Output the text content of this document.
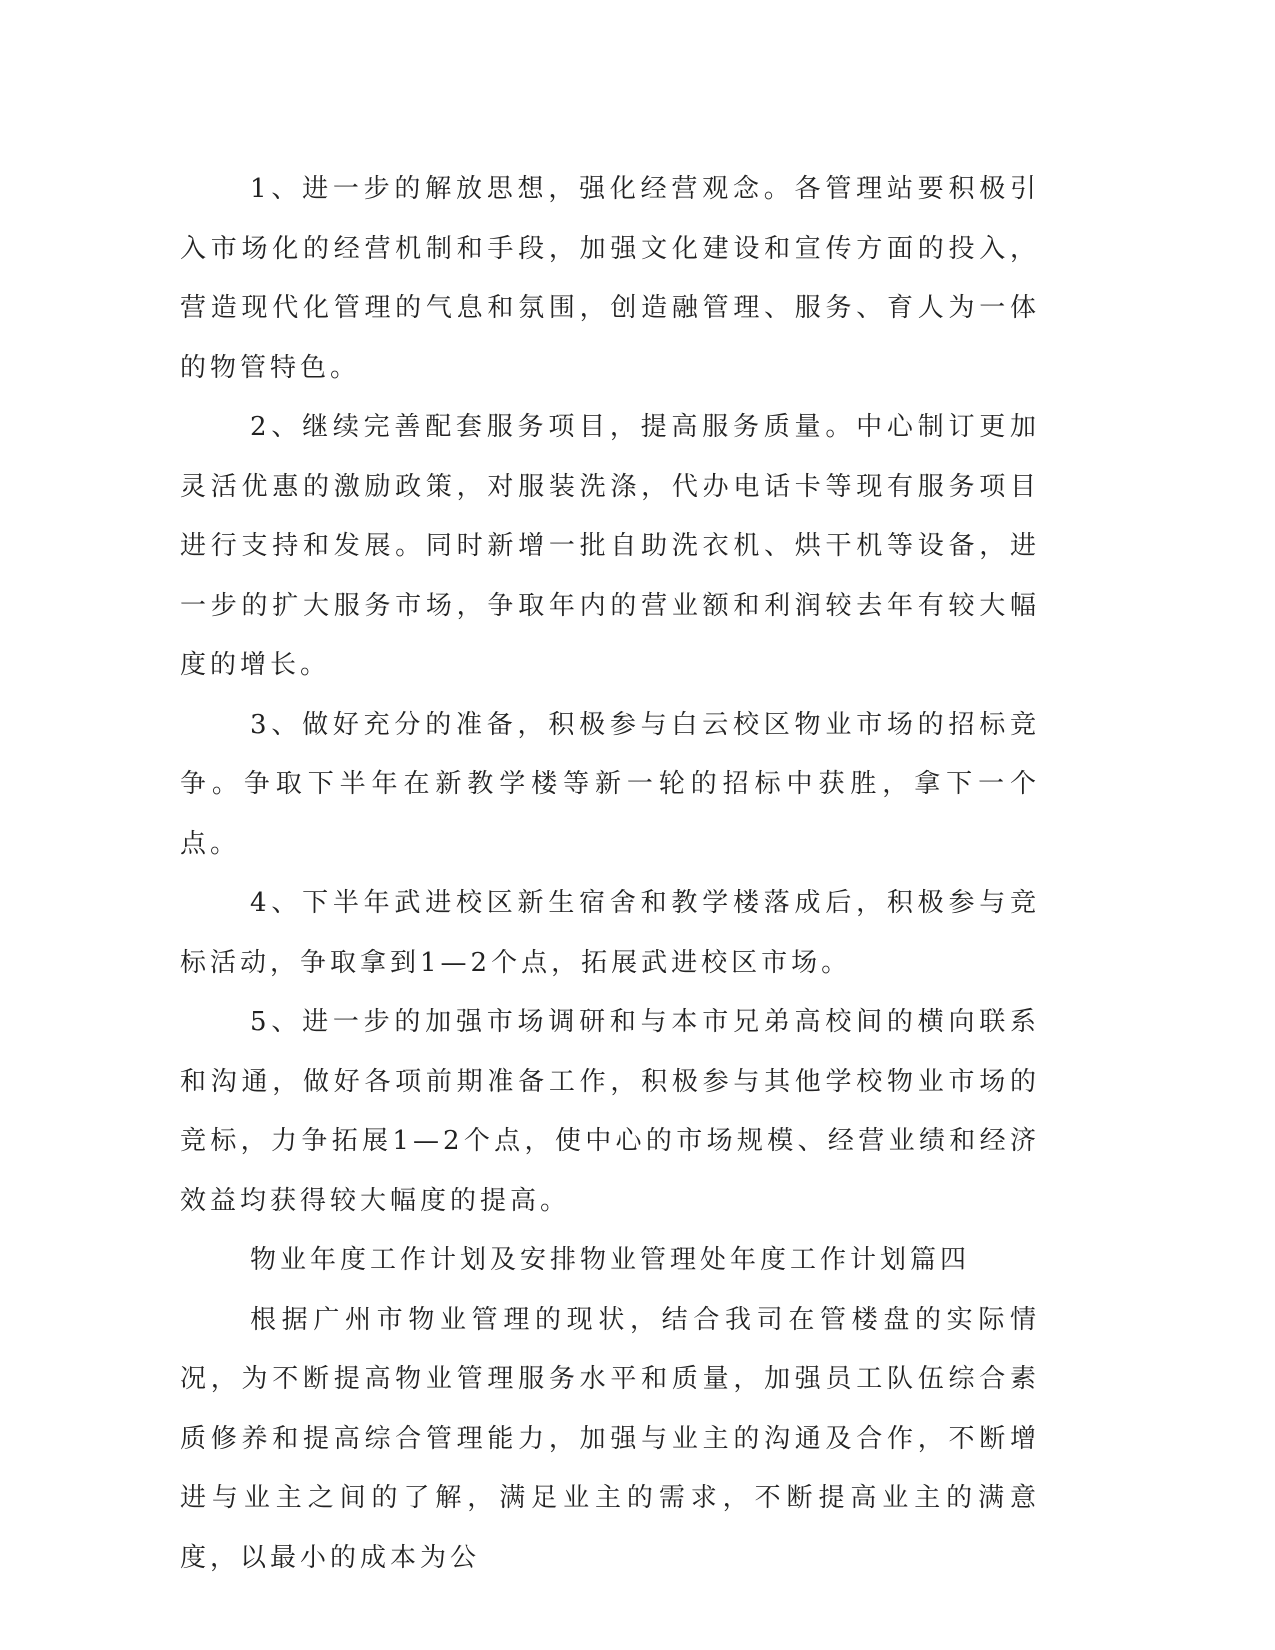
1、进一步的解放思想，强化经营观念。各管理站要积极引入市场化的经营机制和手段，加强文化建设和宣传方面的投入，营造现代化管理的气息和氛围，创造融管理、服务、育人为一体的物管特色。

2、继续完善配套服务项目，提高服务质量。中心制订更加灵活优惠的激励政策，对服装洗涤，代办电话卡等现有服务项目进行支持和发展。同时新增一批自助洗衣机、烘干机等设备，进一步的扩大服务市场，争取年内的营业额和利润较去年有较大幅度的增长。

3、做好充分的准备，积极参与白云校区物业市场的招标竞争。争取下半年在新教学楼等新一轮的招标中获胜，拿下一个点。

4、下半年武进校区新生宿舍和教学楼落成后，积极参与竞标活动，争取拿到1—2个点，拓展武进校区市场。

5、进一步的加强市场调研和与本市兄弟高校间的横向联系和沟通，做好各项前期准备工作，积极参与其他学校物业市场的竞标，力争拓展1—2个点，使中心的市场规模、经营业绩和经济效益均获得较大幅度的提高。

物业年度工作计划及安排物业管理处年度工作计划篇四

根据广州市物业管理的现状，结合我司在管楼盘的实际情况，为不断提高物业管理服务水平和质量，加强员工队伍综合素质修养和提高综合管理能力，加强与业主的沟通及合作，不断增进与业主之间的了解，满足业主的需求，不断提高业主的满意度，以最小的成本为公
